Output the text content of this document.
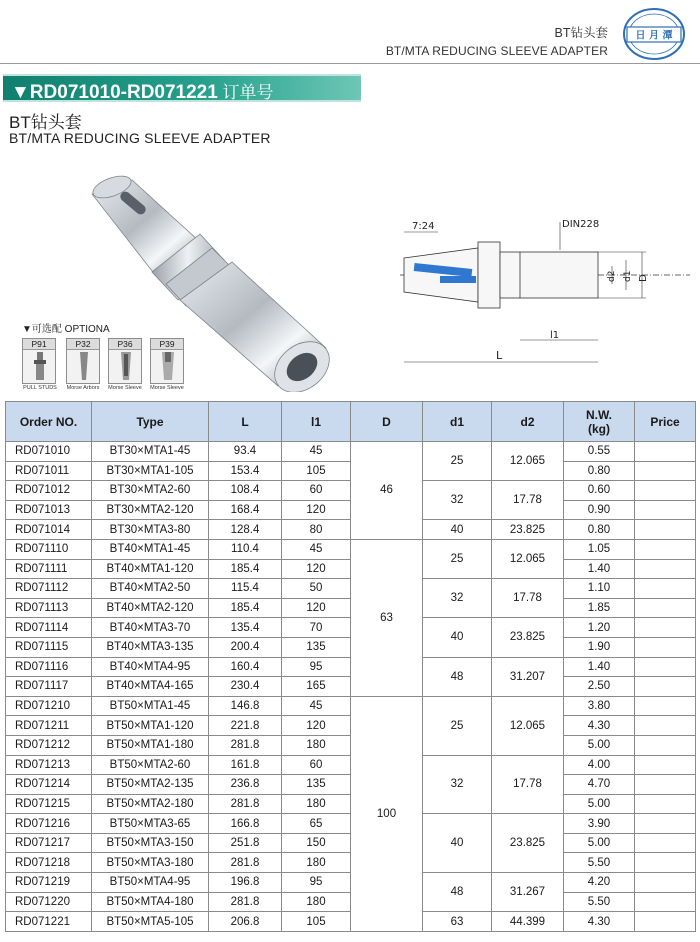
BT钻头套
BT/MTA REDUCING SLEEVE ADAPTER
日 月 潭
▼RD071010-RD071221 订单号
BT钻头套
BT/MTA REDUCING SLEEVE ADAPTER
7:24	DIN228
d2 d1 D
l1
L
▼可选配 OPTIONA
P91	P32	P36	P39
PULL STUDS	Morse Arbors	Morse Sleeve	Morse Sleeve
Order NO.	Type	L	l1	D	d1	d2	N.W.
(kg)	Price
RD071010	BT30×MTA1-45	93.4	45	46	25	12.065	0.55	
RD071011	BT30×MTA1-105	153.4	105				0.80	
RD071012	BT30×MTA2-60	108.4	60		32	17.78	0.60	
RD071013	BT30×MTA2-120	168.4	120				0.90	
RD071014	BT30×MTA3-80	128.4	80		40	23.825	0.80	
RD071110	BT40×MTA1-45	110.4	45	63	25	12.065	1.05	
RD071111	BT40×MTA1-120	185.4	120				1.40	
RD071112	BT40×MTA2-50	115.4	50		32	17.78	1.10	
RD071113	BT40×MTA2-120	185.4	120				1.85	
RD071114	BT40×MTA3-70	135.4	70		40	23.825	1.20	
RD071115	BT40×MTA3-135	200.4	135				1.90	
RD071116	BT40×MTA4-95	160.4	95		48	31.207	1.40	
RD071117	BT40×MTA4-165	230.4	165				2.50	
RD071210	BT50×MTA1-45	146.8	45	100	25	12.065	3.80	
RD071211	BT50×MTA1-120	221.8	120				4.30	
RD071212	BT50×MTA1-180	281.8	180				5.00	
RD071213	BT50×MTA2-60	161.8	60		32	17.78	4.00	
RD071214	BT50×MTA2-135	236.8	135				4.70	
RD071215	BT50×MTA2-180	281.8	180				5.00	
RD071216	BT50×MTA3-65	166.8	65		40	23.825	3.90	
RD071217	BT50×MTA3-150	251.8	150				5.00	
RD071218	BT50×MTA3-180	281.8	180				5.50	
RD071219	BT50×MTA4-95	196.8	95		48	31.267	4.20	
RD071220	BT50×MTA4-180	281.8	180				5.50	
RD071221	BT50×MTA5-105	206.8	105		63	44.399	4.30	
